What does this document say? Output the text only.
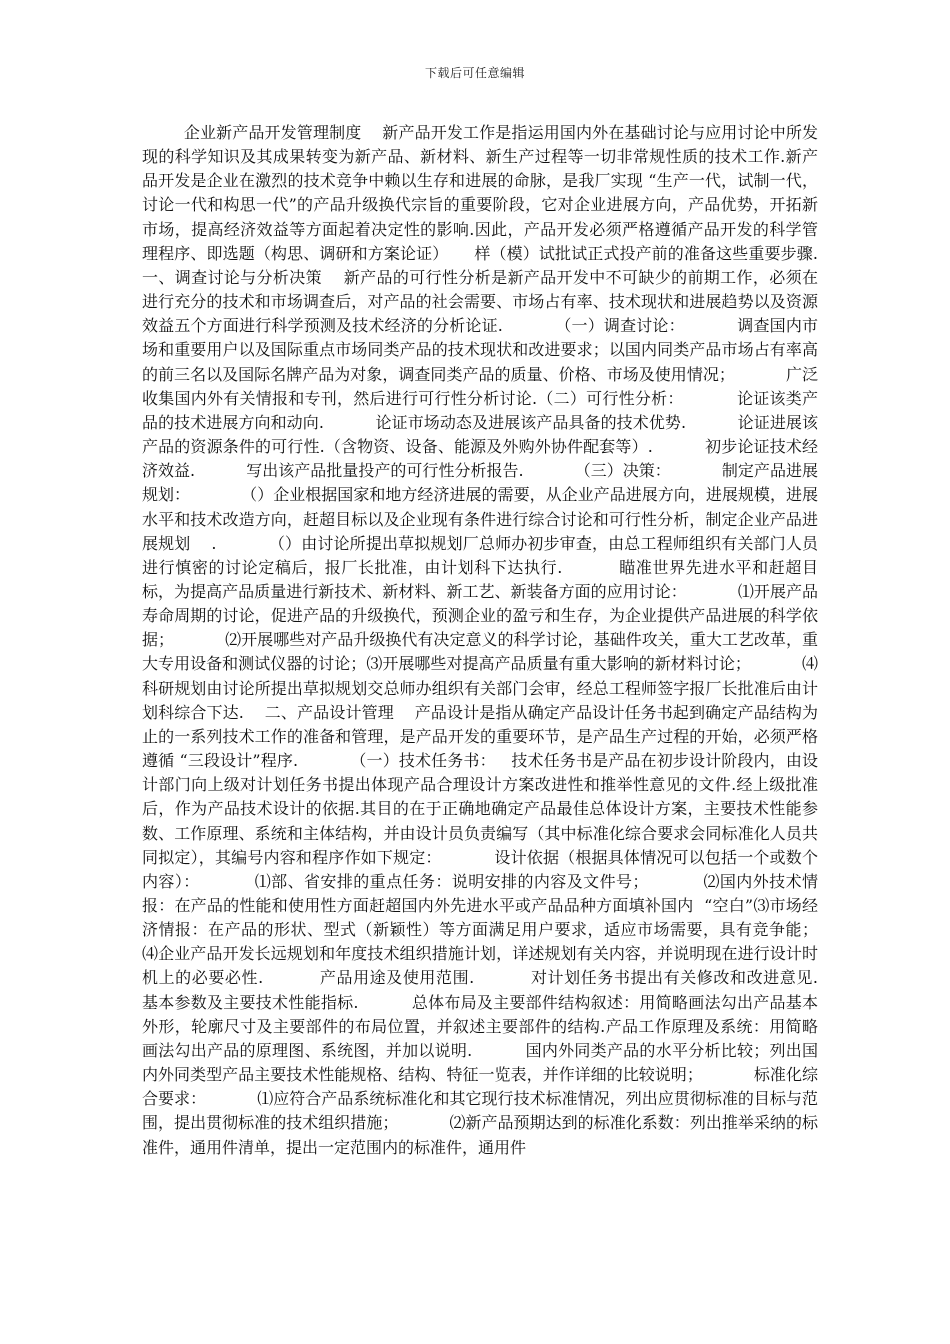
下载后可任意编辑

企业新产品开发管理制度    新产品开发工作是指运用国内外在基础讨论与应用讨论中所发现的科学知识及其成果转变为新产品、新材料、新生产过程等一切非常规性质的技术工作.新产品开发是企业在激烈的技术竞争中赖以生存和进展的命脉，是我厂实现 “生产一代，试制一代，讨论一代和构思一代”的产品升级换代宗旨的重要阶段，它对企业进展方向，产品优势，开拓新市场，提高经济效益等方面起着决定性的影响.因此，产品开发必须严格遵循产品开发的科学管理程序、即选题（构思、调研和方案论证）     样（模）试批试正式投产前的准备这些重要步骤.    一、调查讨论与分析决策    新产品的可行性分析是新产品开发中不可缺少的前期工作，必须在进行充分的技术和市场调查后，对产品的社会需要、市场占有率、技术现状和进展趋势以及资源效益五个方面进行科学预测及技术经济的分析论证.          （一）调查讨论：          调查国内市场和重要用户以及国际重点市场同类产品的技术现状和改进要求；以国内同类产品市场占有率高的前三名以及国际名牌产品为对象，调查同类产品的质量、价格、市场及使用情况；          广泛收集国内外有关情报和专刊，然后进行可行性分析讨论.（二）可行性分析：          论证该类产品的技术进展方向和动向.          论证市场动态及进展该产品具备的技术优势.          论证进展该产品的资源条件的可行性.（含物资、设备、能源及外购外协件配套等）.          初步论证技术经济效益.          写出该产品批量投产的可行性分析报告.          （三）决策：          制定产品进展规划：          （）企业根据国家和地方经济进展的需要，从企业产品进展方向，进展规模，进展水平和技术改造方向，赶超目标以及企业现有条件进行综合讨论和可行性分析，制定企业产品进展规划    .          （）由讨论所提出草拟规划厂总师办初步审查，由总工程师组织有关部门人员进行慎密的讨论定稿后，报厂长批准，由计划科下达执行.          瞄准世界先进水平和赶超目标，为提高产品质量进行新技术、新材料、新工艺、新装备方面的应用讨论：          ⑴开展产品寿命周期的讨论，促进产品的升级换代，预测企业的盈亏和生存，为企业提供产品进展的科学依据；          ⑵开展哪些对产品升级换代有决定意义的科学讨论，基础件攻关，重大工艺改革，重大专用设备和测试仪器的讨论；⑶开展哪些对提高产品质量有重大影响的新材料讨论；          ⑷科研规划由讨论所提出草拟规划交总师办组织有关部门会审，经总工程师签字报厂长批准后由计划科综合下达.    二、产品设计管理    产品设计是指从确定产品设计任务书起到确定产品结构为止的一系列技术工作的准备和管理，是产品开发的重要环节，是产品生产过程的开始，必须严格遵循 “三段设计”程序.          （一）技术任务书：   技术任务书是产品在初步设计阶段内，由设计部门向上级对计划任务书提出体现产品合理设计方案改进性和推举性意见的文件.经上级批准后，作为产品技术设计的依据.其目的在于正确地确定产品最佳总体设计方案，主要技术性能参数、工作原理、系统和主体结构，并由设计员负责编写（其中标准化综合要求会同标准化人员共同拟定），其编号内容和程序作如下规定：          设计依据（根据具体情况可以包括一个或数个内容）：          ⑴部、省安排的重点任务：说明安排的内容及文件号；          ⑵国内外技术情报：在产品的性能和使用性方面赶超国内外先进水平或产品品种方面填补国内  “空白”⑶市场经济情报：在产品的形状、型式（新颖性）等方面满足用户要求，适应市场需要，具有竞争能；          ⑷企业产品开发长远规划和年度技术组织措施计划，详述规划有关内容，并说明现在进行设计时机上的必要必性.          产品用途及使用范围.          对计划任务书提出有关修改和改进意见.          基本参数及主要技术性能指标.          总体布局及主要部件结构叙述：用简略画法勾出产品基本外形，轮廓尺寸及主要部件的布局位置，并叙述主要部件的结构.产品工作原理及系统：用简略画法勾出产品的原理图、系统图，并加以说明.          国内外同类产品的水平分析比较；列出国内外同类型产品主要技术性能规格、结构、特征一览表，并作详细的比较说明；          标准化综合要求：          ⑴应符合产品系统标准化和其它现行技术标准情况，列出应贯彻标准的目标与范围，提出贯彻标准的技术组织措施；          ⑵新产品预期达到的标准化系数：列出推举采纳的标准件，通用件清单，提出一定范围内的标准件，通用件
